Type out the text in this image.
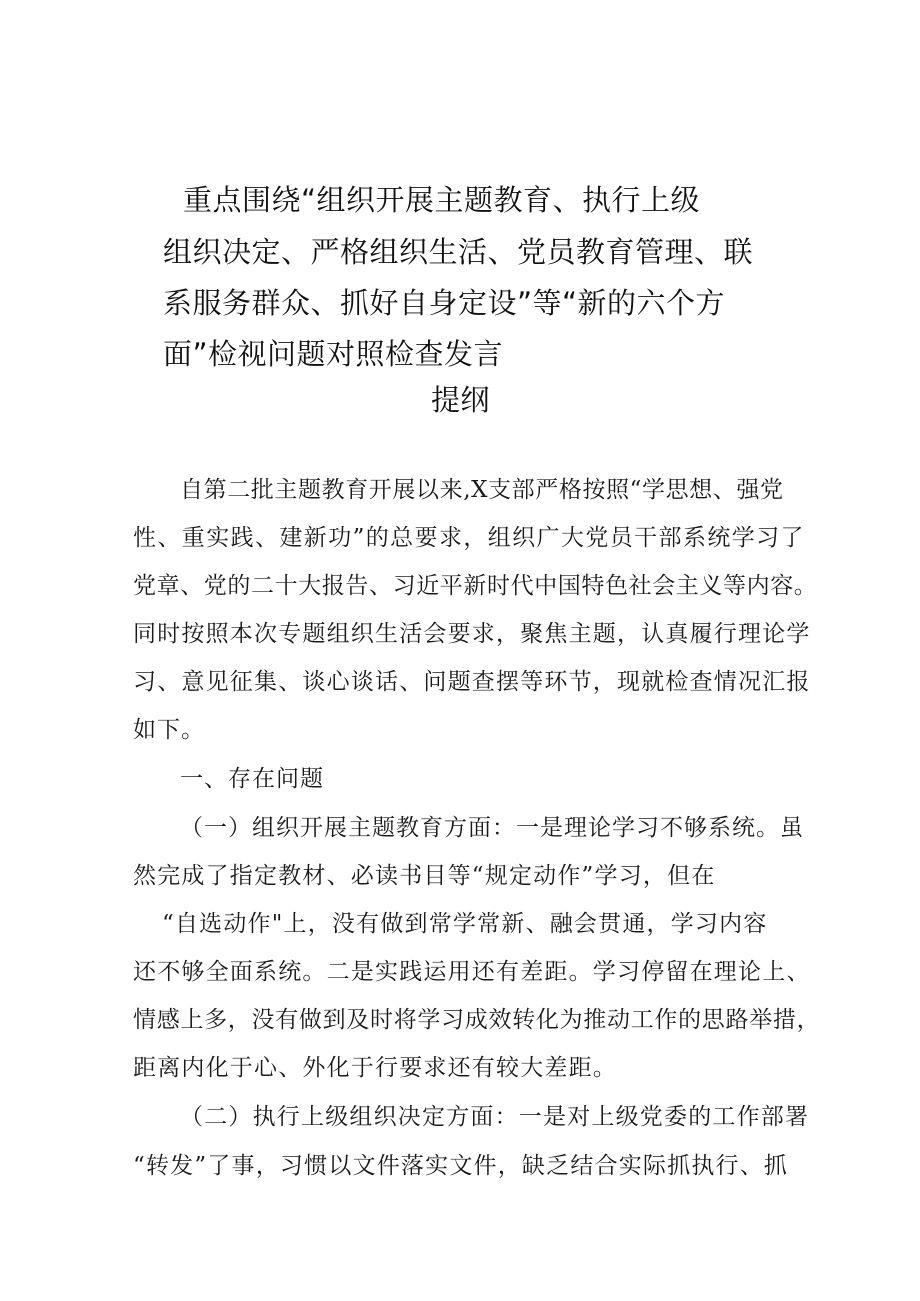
重点围绕“组织开展主题教育、执行上级
组织决定、严格组织生活、党员教育管理、联
系服务群众、抓好自身定设”等“新的六个方
面”检视问题对照检查发言
提纲
自第二批主题教育开展以来,X支部严格按照“学思想、强党
性、重实践、建新功”的总要求，组织广大党员干部系统学习了
党章、党的二十大报告、习近平新时代中国特色社会主义等内容。
同时按照本次专题组织生活会要求，聚焦主题，认真履行理论学
习、意见征集、谈心谈话、问题查摆等环节，现就检查情况汇报
如下。
一、存在问题
（一）组织开展主题教育方面：一是理论学习不够系统。虽
然完成了指定教材、必读书目等“规定动作”学习，但在
“自选动作"上，没有做到常学常新、融会贯通，学习内容
还不够全面系统。二是实践运用还有差距。学习停留在理论上、
情感上多，没有做到及时将学习成效转化为推动工作的思路举措，
距离内化于心、外化于行要求还有较大差距。
（二）执行上级组织决定方面：一是对上级党委的工作部署
“转发”了事，习惯以文件落实文件，缺乏结合实际抓执行、抓
